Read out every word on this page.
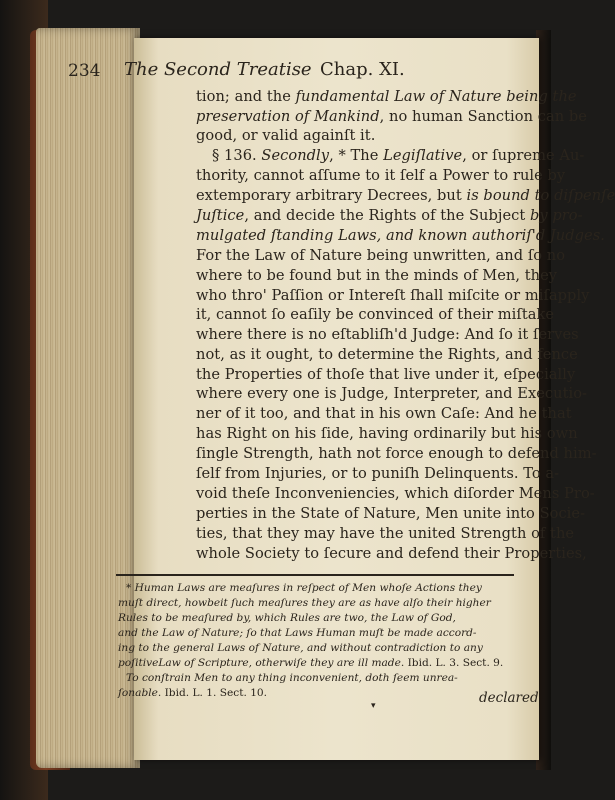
234 The Second Treatise Chap. XI.
tion; and the fundamental Law of Nature being the
preservation of Mankind, no human Sanction can be
good, or valid againſt it.
§ 136. Secondly, * The Legiſlative, or ſupreme Au-
thority, cannot aſſume to it ſelf a Power to rule by
extemporary arbitrary Decrees, but is bound to diſpenſe
Juſtice, and decide the Rights of the Subject by pro-
mulgated ſtanding Laws, and known authoriſ'd Judges.
For the Law of Nature being unwritten, and ſo no
where to be found but in the minds of Men, they
who thro' Paſſion or Intereſt ſhall miſcite or miſapply
it, cannot ſo eaſily be convinced of their miſtake
where there is no eſtabliſh'd Judge: And ſo it ſerves
not, as it ought, to determine the Rights, and fence
the Properties of thoſe that live under it, eſpecially
where every one is Judge, Interpreter, and Executio-
ner of it too, and that in his own Caſe: And he that
has Right on his ſide, having ordinarily but his own
ſingle Strength, hath not force enough to defend him-
ſelf from Injuries, or to puniſh Delinquents. To a-
void theſe Inconveniencies, which diſorder Mens Pro-
perties in the State of Nature, Men unite into Socie-
ties, that they may have the united Strength of the
whole Society to ſecure and defend their Properties,
* Human Laws are meaſures in reſpect of Men whoſe Actions they
muſt direct, howbeit ſuch meaſures they are as have alſo their higher
Rules to be meaſured by, which Rules are two, the Law of God,
and the Law of Nature; ſo that Laws Human muſt be made accord-
ing to the general Laws of Nature, and without contradiction to any
poſitiveLaw of Scripture, otherwiſe they are ill made. Ibid. L. 3. Sect. 9.
To conſtrain Men to any thing inconvenient, doth ſeem unrea-
ſonable. Ibid. L. 1. Sect. 10.
▾	declared
